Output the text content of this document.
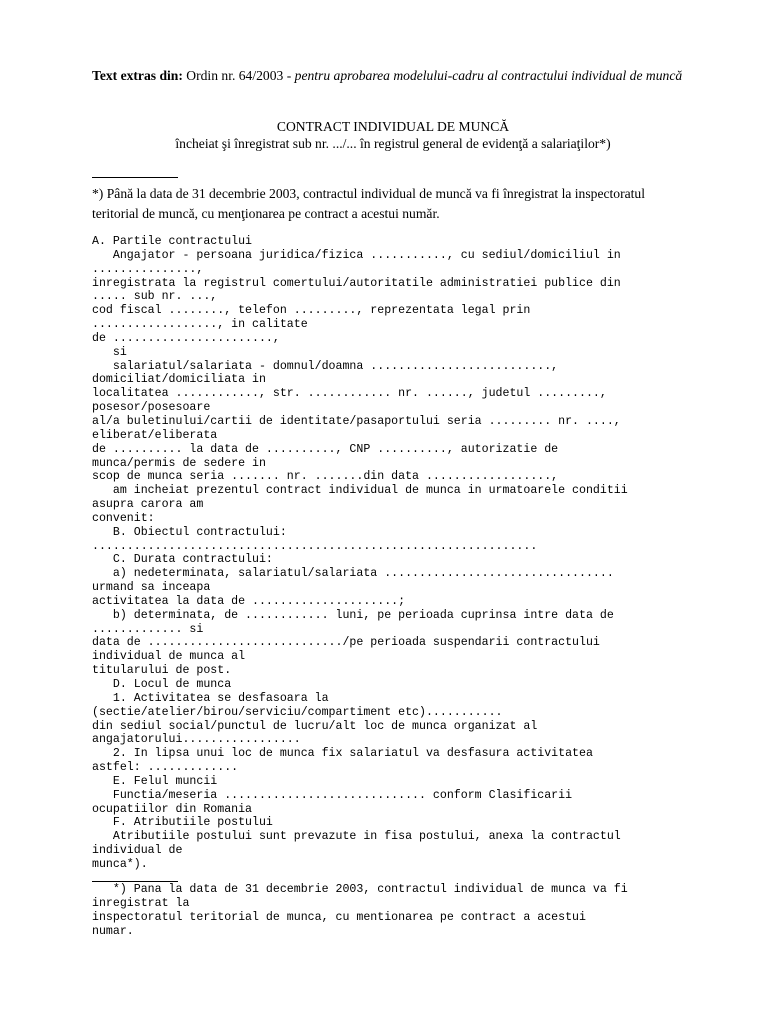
Text extras din: Ordin nr. 64/2003 - pentru aprobarea modelului-cadru al contractului individual de muncă
CONTRACT INDIVIDUAL DE MUNCĂ
încheiat şi înregistrat sub nr. .../... în registrul general de evidenţă a salariaţilor*)
*) Până la data de 31 decembrie 2003, contractul individual de muncă va fi înregistrat la inspectoratul teritorial de muncă, cu menţionarea pe contract a acestui număr.
A. Partile contractului
Angajator - persoana juridica/fizica ..........., cu sediul/domiciliul in
...............,
inregistrata la registrul comertului/autoritatile administratiei publice din
..... sub nr. ...,
cod fiscal ........, telefon ........., reprezentata legal prin
.................., in calitate
de .......................,
si
salariatul/salariata - domnul/doamna ..........................,
domiciliat/domiciliata in
localitatea ............, str. ............ nr. ......, judetul .........,
posesor/posesoare
al/a buletinului/cartii de identitate/pasaportului seria ......... nr. ....,
eliberat/eliberata
de .......... la data de .........., CNP .........., autorizatie de
munca/permis de sedere in
scop de munca seria ....... nr. .......din data ..................,
am incheiat prezentul contract individual de munca in urmatoarele conditii
asupra carora am
convenit:
B. Obiectul contractului:
................................................................
C. Durata contractului:
a) nedeterminata, salariatul/salariata .................................
urmand sa inceapa
activitatea la data de .....................;
b) determinata, de ............ luni, pe perioada cuprinsa intre data de
............. si
data de ............................/pe perioada suspendarii contractului
individual de munca al
titularului de post.
D. Locul de munca
1. Activitatea se desfasoara la
(sectie/atelier/birou/serviciu/compartiment etc)...........
din sediul social/punctul de lucru/alt loc de munca organizat al
angajatorului.................
2. In lipsa unui loc de munca fix salariatul va desfasura activitatea
astfel: .............
E. Felul muncii
Functia/meseria ............................. conform Clasificarii
ocupatiilor din Romania
F. Atributiile postului
Atributiile postului sunt prevazute in fisa postului, anexa la contractul
individual de
munca*).
*) Pana la data de 31 decembrie 2003, contractul individual de munca va fi
inregistrat la
inspectoratul teritorial de munca, cu mentionarea pe contract a acestui
numar.
